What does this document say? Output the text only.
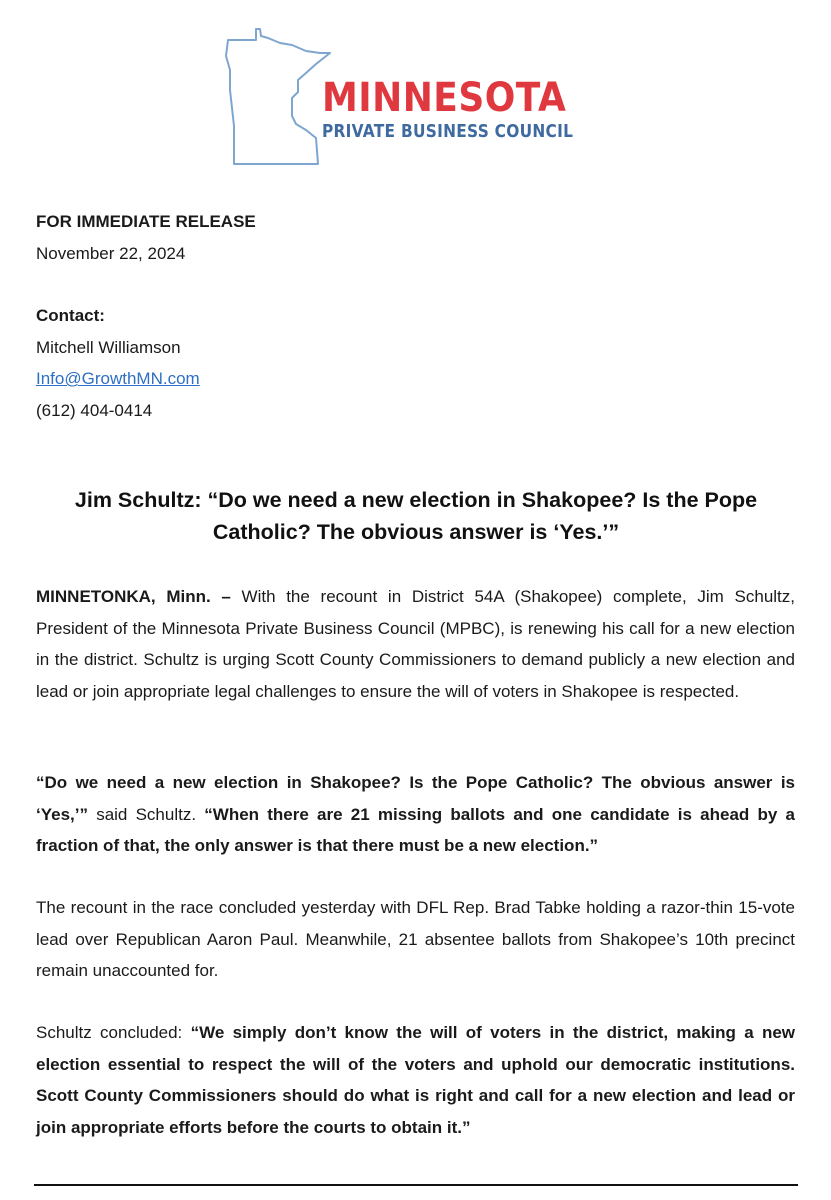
MINNESOTA
PRIVATE BUSINESS COUNCIL
FOR IMMEDIATE RELEASE
November 22, 2024
Contact:
Mitchell Williamson
Info@GrowthMN.com
(612) 404-0414
Jim Schultz: “Do we need a new election in Shakopee? Is the Pope Catholic? The obvious answer is ‘Yes.’”

MINNETONKA, Minn. – With the recount in District 54A (Shakopee) complete, Jim Schultz, President of the Minnesota Private Business Council (MPBC), is renewing his call for a new election in the district. Schultz is urging Scott County Commissioners to demand publicly a new election and lead or join appropriate legal challenges to ensure the will of voters in Shakopee is respected.

“Do we need a new election in Shakopee? Is the Pope Catholic? The obvious answer is ‘Yes,’” said Schultz. “When there are 21 missing ballots and one candidate is ahead by a fraction of that, the only answer is that there must be a new election.”

The recount in the race concluded yesterday with DFL Rep. Brad Tabke holding a razor-thin 15-vote lead over Republican Aaron Paul. Meanwhile, 21 absentee ballots from Shakopee’s 10th precinct remain unaccounted for.

Schultz concluded: “We simply don’t know the will of voters in the district, making a new election essential to respect the will of the voters and uphold our democratic institutions. Scott County Commissioners should do what is right and call for a new election and lead or join appropriate efforts before the courts to obtain it.”
